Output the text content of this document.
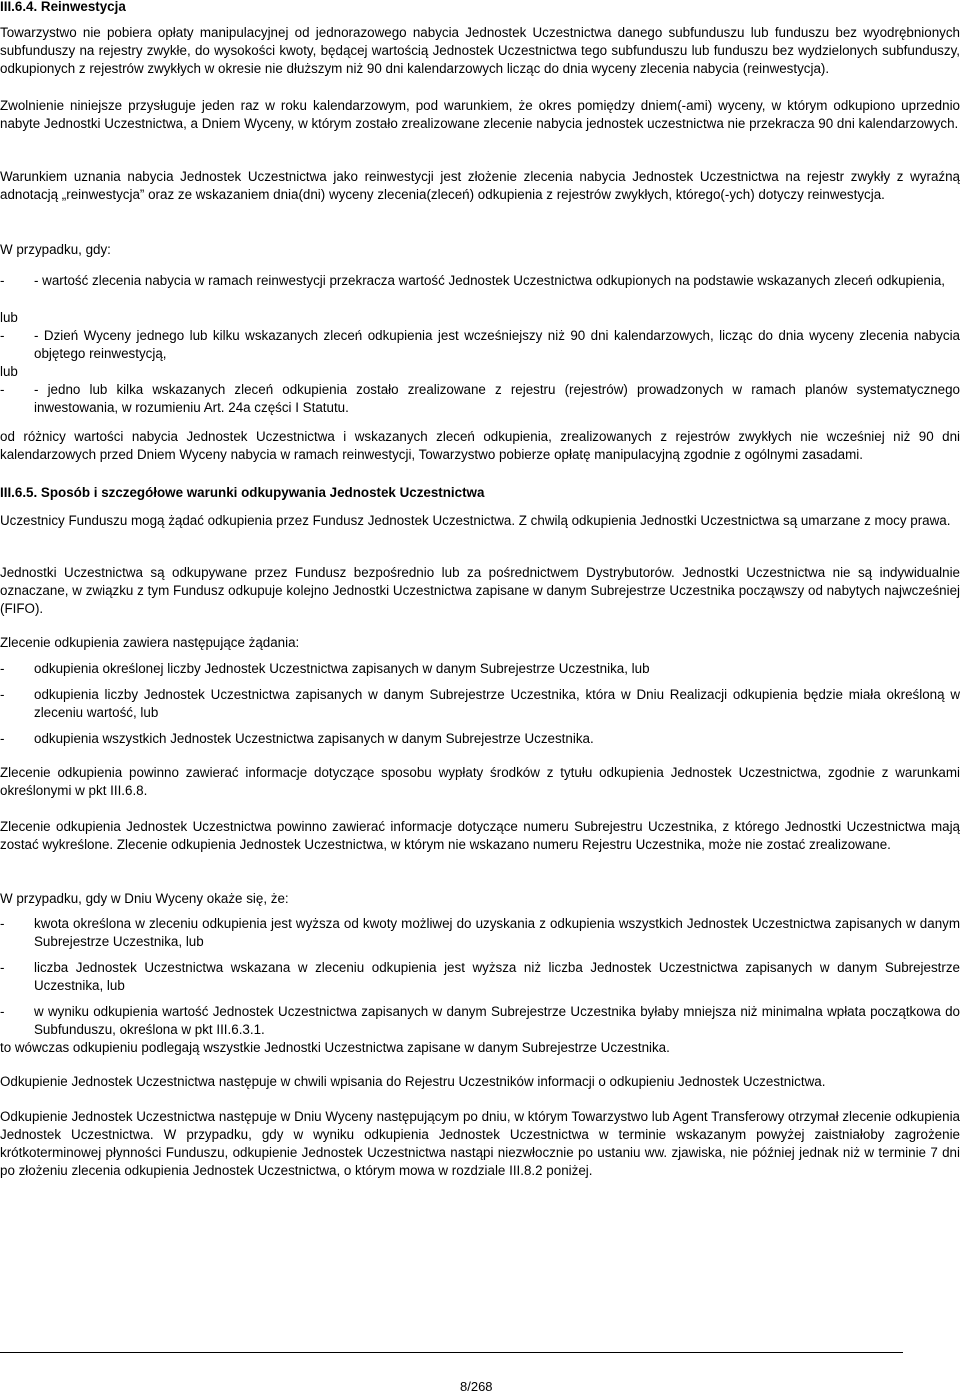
III.6.4. Reinwestycja

Towarzystwo nie pobiera opłaty manipulacyjnej od jednorazowego nabycia Jednostek Uczestnictwa danego subfunduszu lub funduszu bez wyodrębnionych subfunduszy na rejestry zwykłe, do wysokości kwoty, będącej wartością Jednostek Uczestnictwa tego subfunduszu lub funduszu bez wydzielonych subfunduszy, odkupionych z rejestrów zwykłych w okresie nie dłuższym niż 90 dni kalendarzowych licząc do dnia wyceny zlecenia nabycia (reinwestycja).

Zwolnienie niniejsze przysługuje jeden raz w roku kalendarzowym, pod warunkiem, że okres pomiędzy dniem(-ami) wyceny, w którym odkupiono uprzednio nabyte Jednostki Uczestnictwa, a Dniem Wyceny, w którym zostało zrealizowane zlecenie nabycia jednostek uczestnictwa nie przekracza 90 dni kalendarzowych.

Warunkiem uznania nabycia Jednostek Uczestnictwa jako reinwestycji jest złożenie zlecenia nabycia Jednostek Uczestnictwa na rejestr zwykły z wyraźną adnotacją „reinwestycja” oraz ze wskazaniem dnia(dni) wyceny zlecenia(zleceń) odkupienia z rejestrów zwykłych, którego(-ych) dotyczy reinwestycja.

W przypadku, gdy:

- - wartość zlecenia nabycia w ramach reinwestycji przekracza wartość Jednostek Uczestnictwa odkupionych na podstawie wskazanych zleceń odkupienia,
lub
- - Dzień Wyceny jednego lub kilku wskazanych zleceń odkupienia jest wcześniejszy niż 90 dni kalendarzowych, licząc do dnia wyceny zlecenia nabycia objętego reinwestycją,
lub
- - jedno lub kilka wskazanych zleceń odkupienia zostało zrealizowane z rejestru (rejestrów) prowadzonych w ramach planów systematycznego inwestowania, w rozumieniu Art. 24a części I Statutu.

od różnicy wartości nabycia Jednostek Uczestnictwa i wskazanych zleceń odkupienia, zrealizowanych z rejestrów zwykłych nie wcześniej niż 90 dni kalendarzowych przed Dniem Wyceny nabycia w ramach reinwestycji, Towarzystwo pobierze opłatę manipulacyjną zgodnie z ogólnymi zasadami.

III.6.5. Sposób i szczegółowe warunki odkupywania Jednostek Uczestnictwa

Uczestnicy Funduszu mogą żądać odkupienia przez Fundusz Jednostek Uczestnictwa. Z chwilą odkupienia Jednostki Uczestnictwa są umarzane z mocy prawa.

Jednostki Uczestnictwa są odkupywane przez Fundusz bezpośrednio lub za pośrednictwem Dystrybutorów. Jednostki Uczestnictwa nie są indywidualnie oznaczane, w związku z tym Fundusz odkupuje kolejno Jednostki Uczestnictwa zapisane w danym Subrejestrze Uczestnika począwszy od nabytych najwcześniej (FIFO).

Zlecenie odkupienia zawiera następujące żądania:

- odkupienia określonej liczby Jednostek Uczestnictwa zapisanych w danym Subrejestrze Uczestnika, lub
- odkupienia liczby Jednostek Uczestnictwa zapisanych w danym Subrejestrze Uczestnika, która w Dniu Realizacji odkupienia będzie miała określoną w zleceniu wartość, lub
- odkupienia wszystkich Jednostek Uczestnictwa zapisanych w danym Subrejestrze Uczestnika.

Zlecenie odkupienia powinno zawierać informacje dotyczące sposobu wypłaty środków z tytułu odkupienia Jednostek Uczestnictwa, zgodnie z warunkami określonymi w pkt III.6.8.

Zlecenie odkupienia Jednostek Uczestnictwa powinno zawierać informacje dotyczące numeru Subrejestru Uczestnika, z którego Jednostki Uczestnictwa mają zostać wykreślone. Zlecenie odkupienia Jednostek Uczestnictwa, w którym nie wskazano numeru Rejestru Uczestnika, może nie zostać zrealizowane.

W przypadku, gdy w Dniu Wyceny okaże się, że:

- kwota określona w zleceniu odkupienia jest wyższa od kwoty możliwej do uzyskania z odkupienia wszystkich Jednostek Uczestnictwa zapisanych w danym Subrejestrze Uczestnika, lub
- liczba Jednostek Uczestnictwa wskazana w zleceniu odkupienia jest wyższa niż liczba Jednostek Uczestnictwa zapisanych w danym Subrejestrze Uczestnika, lub
- w wyniku odkupienia wartość Jednostek Uczestnictwa zapisanych w danym Subrejestrze Uczestnika byłaby mniejsza niż minimalna wpłata początkowa do Subfunduszu, określona w pkt III.6.3.1.

to wówczas odkupieniu podlegają wszystkie Jednostki Uczestnictwa zapisane w danym Subrejestrze Uczestnika.

Odkupienie Jednostek Uczestnictwa następuje w chwili wpisania do Rejestru Uczestników informacji o odkupieniu Jednostek Uczestnictwa.

Odkupienie Jednostek Uczestnictwa następuje w Dniu Wyceny następującym po dniu, w którym Towarzystwo lub Agent Transferowy otrzymał zlecenie odkupienia Jednostek Uczestnictwa. W przypadku, gdy w wyniku odkupienia Jednostek Uczestnictwa w terminie wskazanym powyżej zaistniałoby zagrożenie krótkoterminowej płynności Funduszu, odkupienie Jednostek Uczestnictwa nastąpi niezwłocznie po ustaniu ww. zjawiska, nie później jednak niż w terminie 7 dni po złożeniu zlecenia odkupienia Jednostek Uczestnictwa, o którym mowa w rozdziale III.8.2 poniżej.

8/268
